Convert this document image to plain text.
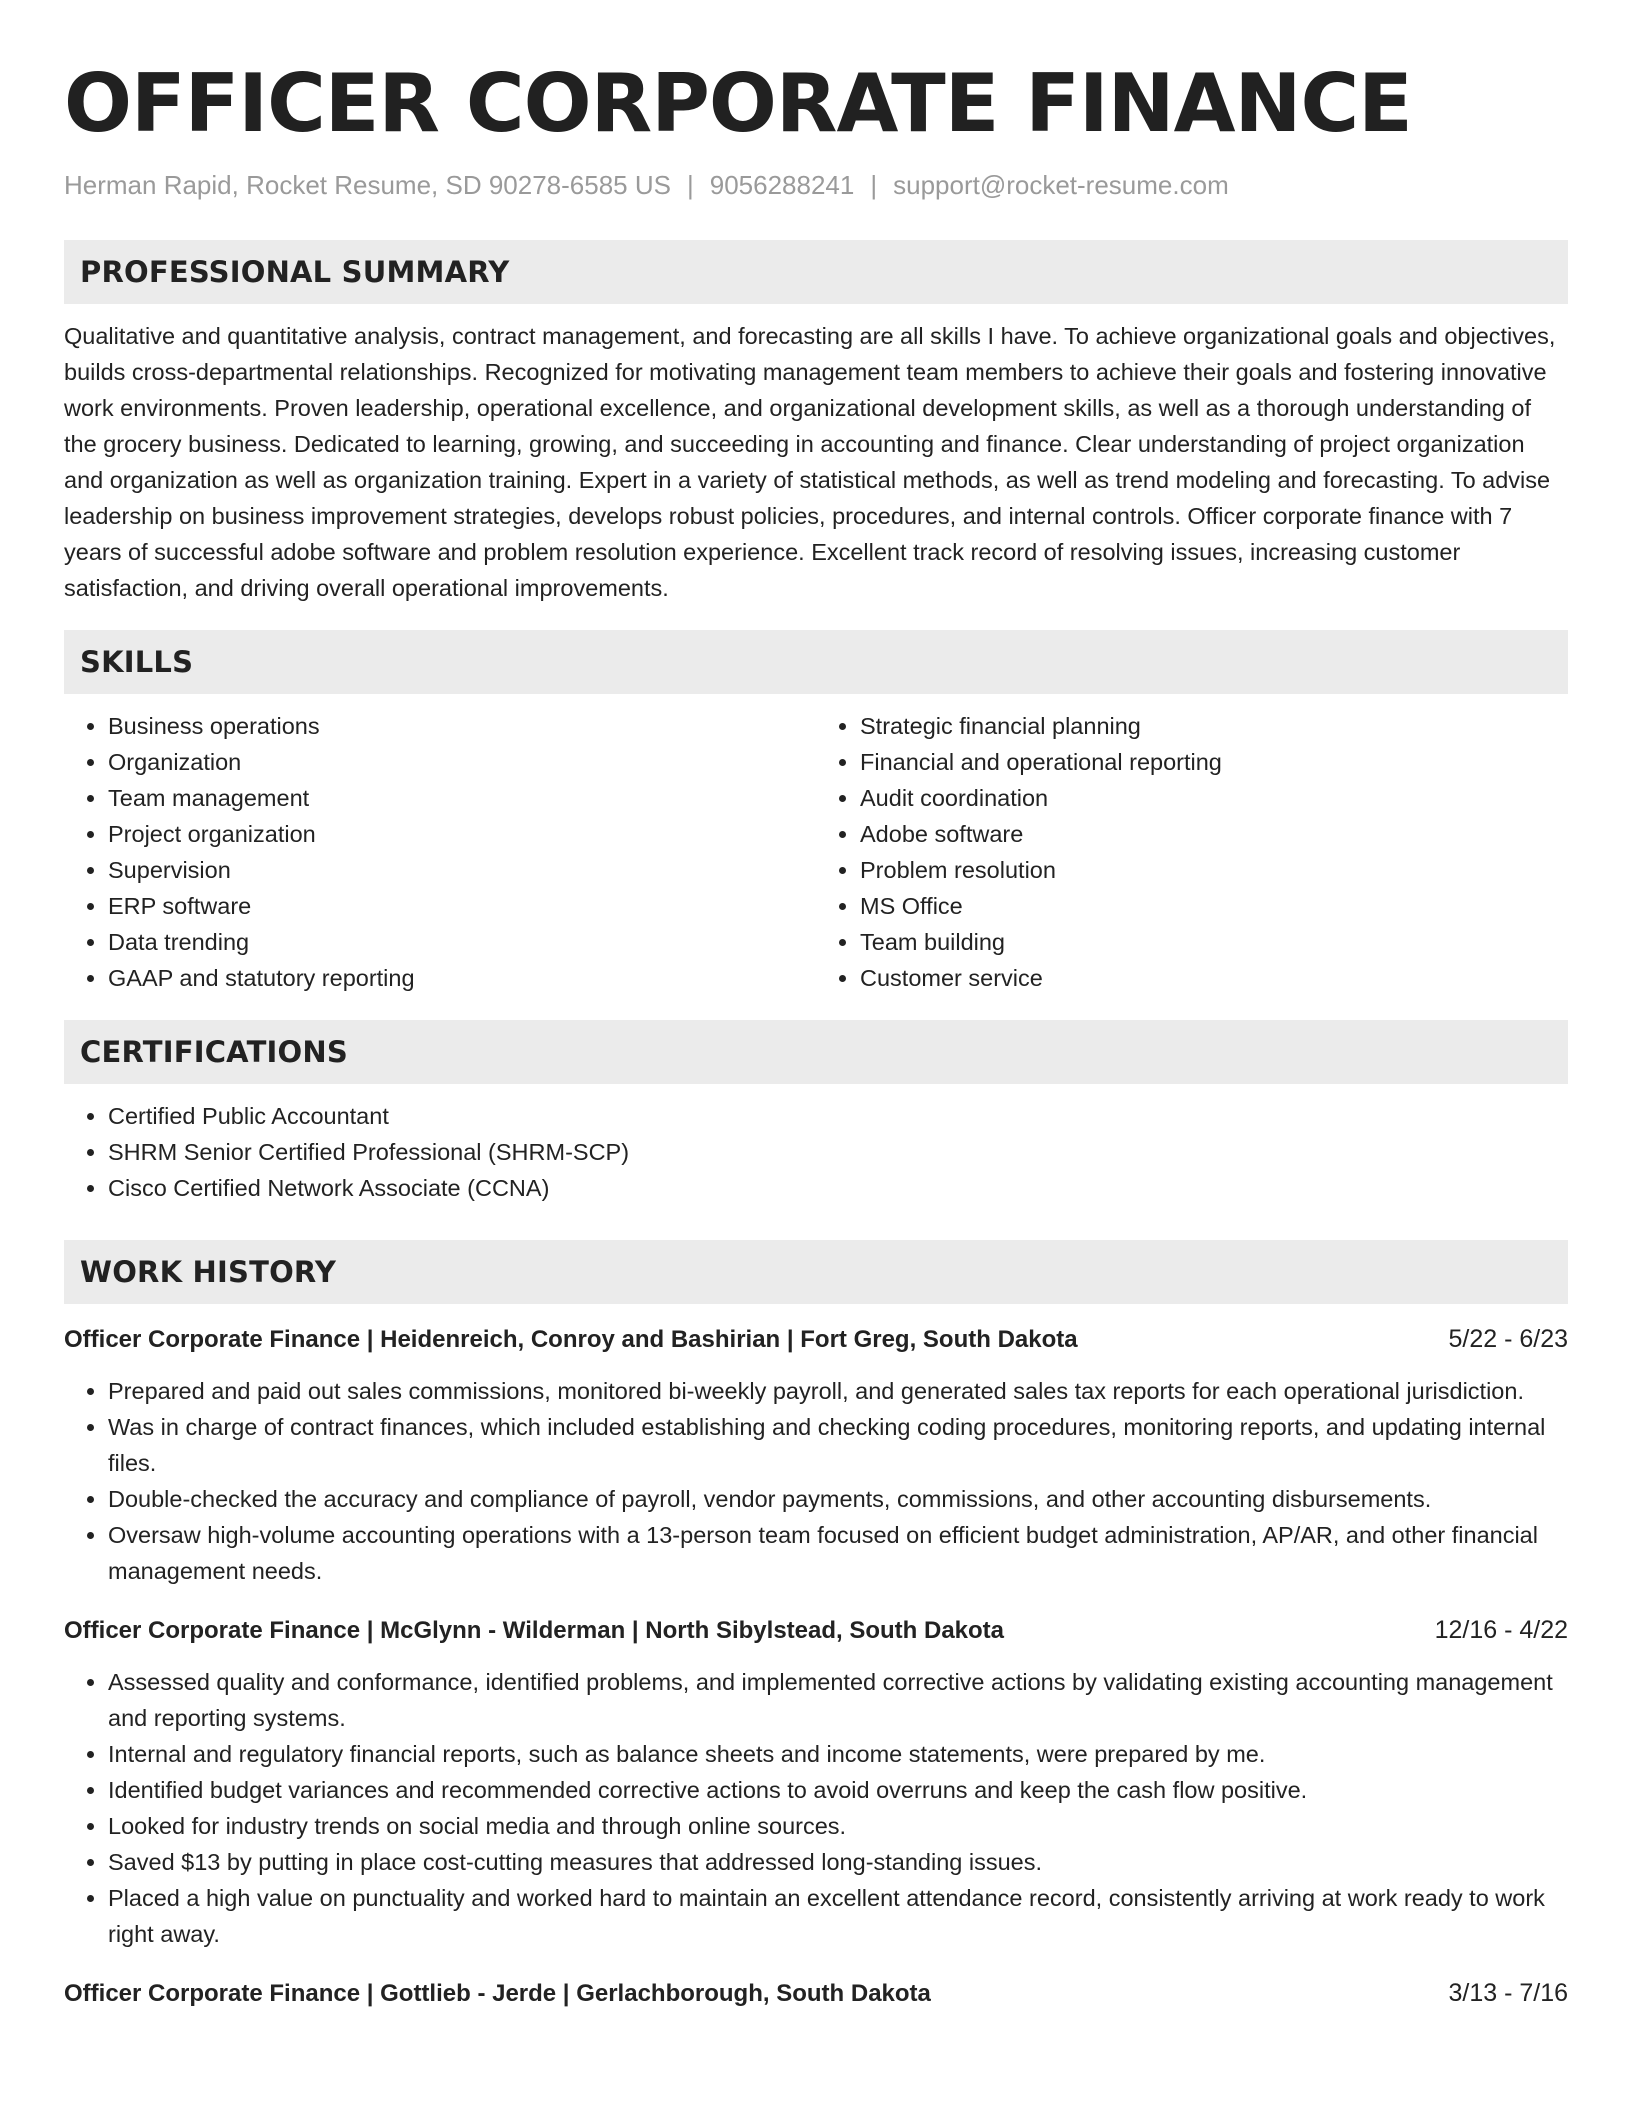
OFFICER CORPORATE FINANCE
Herman Rapid, Rocket Resume, SD 90278-6585 US | 9056288241 | support@rocket-resume.com
PROFESSIONAL SUMMARY

Qualitative and quantitative analysis, contract management, and forecasting are all skills I have. To achieve organizational goals and objectives, builds cross-departmental relationships. Recognized for motivating management team members to achieve their goals and fostering innovative work environments. Proven leadership, operational excellence, and organizational development skills, as well as a thorough understanding of the grocery business. Dedicated to learning, growing, and succeeding in accounting and finance. Clear understanding of project organization and organization as well as organization training. Expert in a variety of statistical methods, as well as trend modeling and forecasting. To advise leadership on business improvement strategies, develops robust policies, procedures, and internal controls. Officer corporate finance with 7 years of successful adobe software and problem resolution experience. Excellent track record of resolving issues, increasing customer satisfaction, and driving overall operational improvements.

SKILLS
• Business operations
• Organization
• Team management
• Project organization
• Supervision
• ERP software
• Data trending
• GAAP and statutory reporting
• Strategic financial planning
• Financial and operational reporting
• Audit coordination
• Adobe software
• Problem resolution
• MS Office
• Team building
• Customer service
CERTIFICATIONS
• Certified Public Accountant
• SHRM Senior Certified Professional (SHRM-SCP)
• Cisco Certified Network Associate (CCNA)
WORK HISTORY
Officer Corporate Finance | Heidenreich, Conroy and Bashirian | Fort Greg, South Dakota	5/22 - 6/23
• Prepared and paid out sales commissions, monitored bi-weekly payroll, and generated sales tax reports for each operational jurisdiction.
• Was in charge of contract finances, which included establishing and checking coding procedures, monitoring reports, and updating internal files.
• Double-checked the accuracy and compliance of payroll, vendor payments, commissions, and other accounting disbursements.
• Oversaw high-volume accounting operations with a 13-person team focused on efficient budget administration, AP/AR, and other financial management needs.
Officer Corporate Finance | McGlynn - Wilderman | North Sibylstead, South Dakota	12/16 - 4/22
• Assessed quality and conformance, identified problems, and implemented corrective actions by validating existing accounting management and reporting systems.
• Internal and regulatory financial reports, such as balance sheets and income statements, were prepared by me.
• Identified budget variances and recommended corrective actions to avoid overruns and keep the cash flow positive.
• Looked for industry trends on social media and through online sources.
• Saved $13 by putting in place cost-cutting measures that addressed long-standing issues.
• Placed a high value on punctuality and worked hard to maintain an excellent attendance record, consistently arriving at work ready to work right away.
Officer Corporate Finance | Gottlieb - Jerde | Gerlachborough, South Dakota	3/13 - 7/16
